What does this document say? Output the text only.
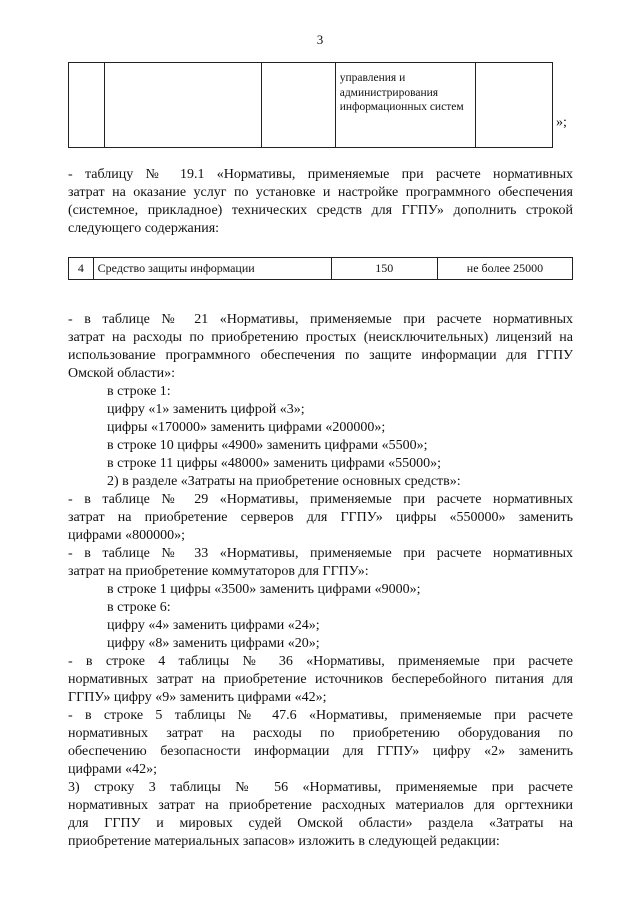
3
			управления и администрирования информационных систем	
»;
- таблицу № 19.1 «Нормативы, применяемые при расчете нормативных
затрат на оказание услуг по установке и настройке программного обеспечения
(системное, прикладное) технических средств для ГГПУ» дополнить строкой
следующего содержания:
4	Средство защиты информации	150	не более 25000
- в таблице № 21 «Нормативы, применяемые при расчете нормативных
затрат на расходы по приобретению простых (неисключительных) лицензий на
использование программного обеспечения по защите информации для ГГПУ
Омской области»:
в строке 1:
цифру «1» заменить цифрой «3»;
цифры «170000» заменить цифрами «200000»;
в строке 10 цифры «4900» заменить цифрами «5500»;
в строке 11 цифры «48000» заменить цифрами «55000»;
2) в разделе «Затраты на приобретение основных средств»:
- в таблице № 29 «Нормативы, применяемые при расчете нормативных
затрат на приобретение серверов для ГГПУ» цифры «550000» заменить
цифрами «800000»;
- в таблице № 33 «Нормативы, применяемые при расчете нормативных
затрат на приобретение коммутаторов для ГГПУ»:
в строке 1 цифры «3500» заменить цифрами «9000»;
в строке 6:
цифру «4» заменить цифрами «24»;
цифру «8» заменить цифрами «20»;
- в строке 4 таблицы № 36 «Нормативы, применяемые при расчете
нормативных затрат на приобретение источников бесперебойного питания для
ГГПУ» цифру «9» заменить цифрами «42»;
- в строке 5 таблицы № 47.6 «Нормативы, применяемые при расчете
нормативных затрат на расходы по приобретению оборудования по
обеспечению безопасности информации для ГГПУ» цифру «2» заменить
цифрами «42»;
3) строку 3 таблицы № 56 «Нормативы, применяемые при расчете
нормативных затрат на приобретение расходных материалов для оргтехники
для ГГПУ и мировых судей Омской области» раздела «Затраты на
приобретение материальных запасов» изложить в следующей редакции:
